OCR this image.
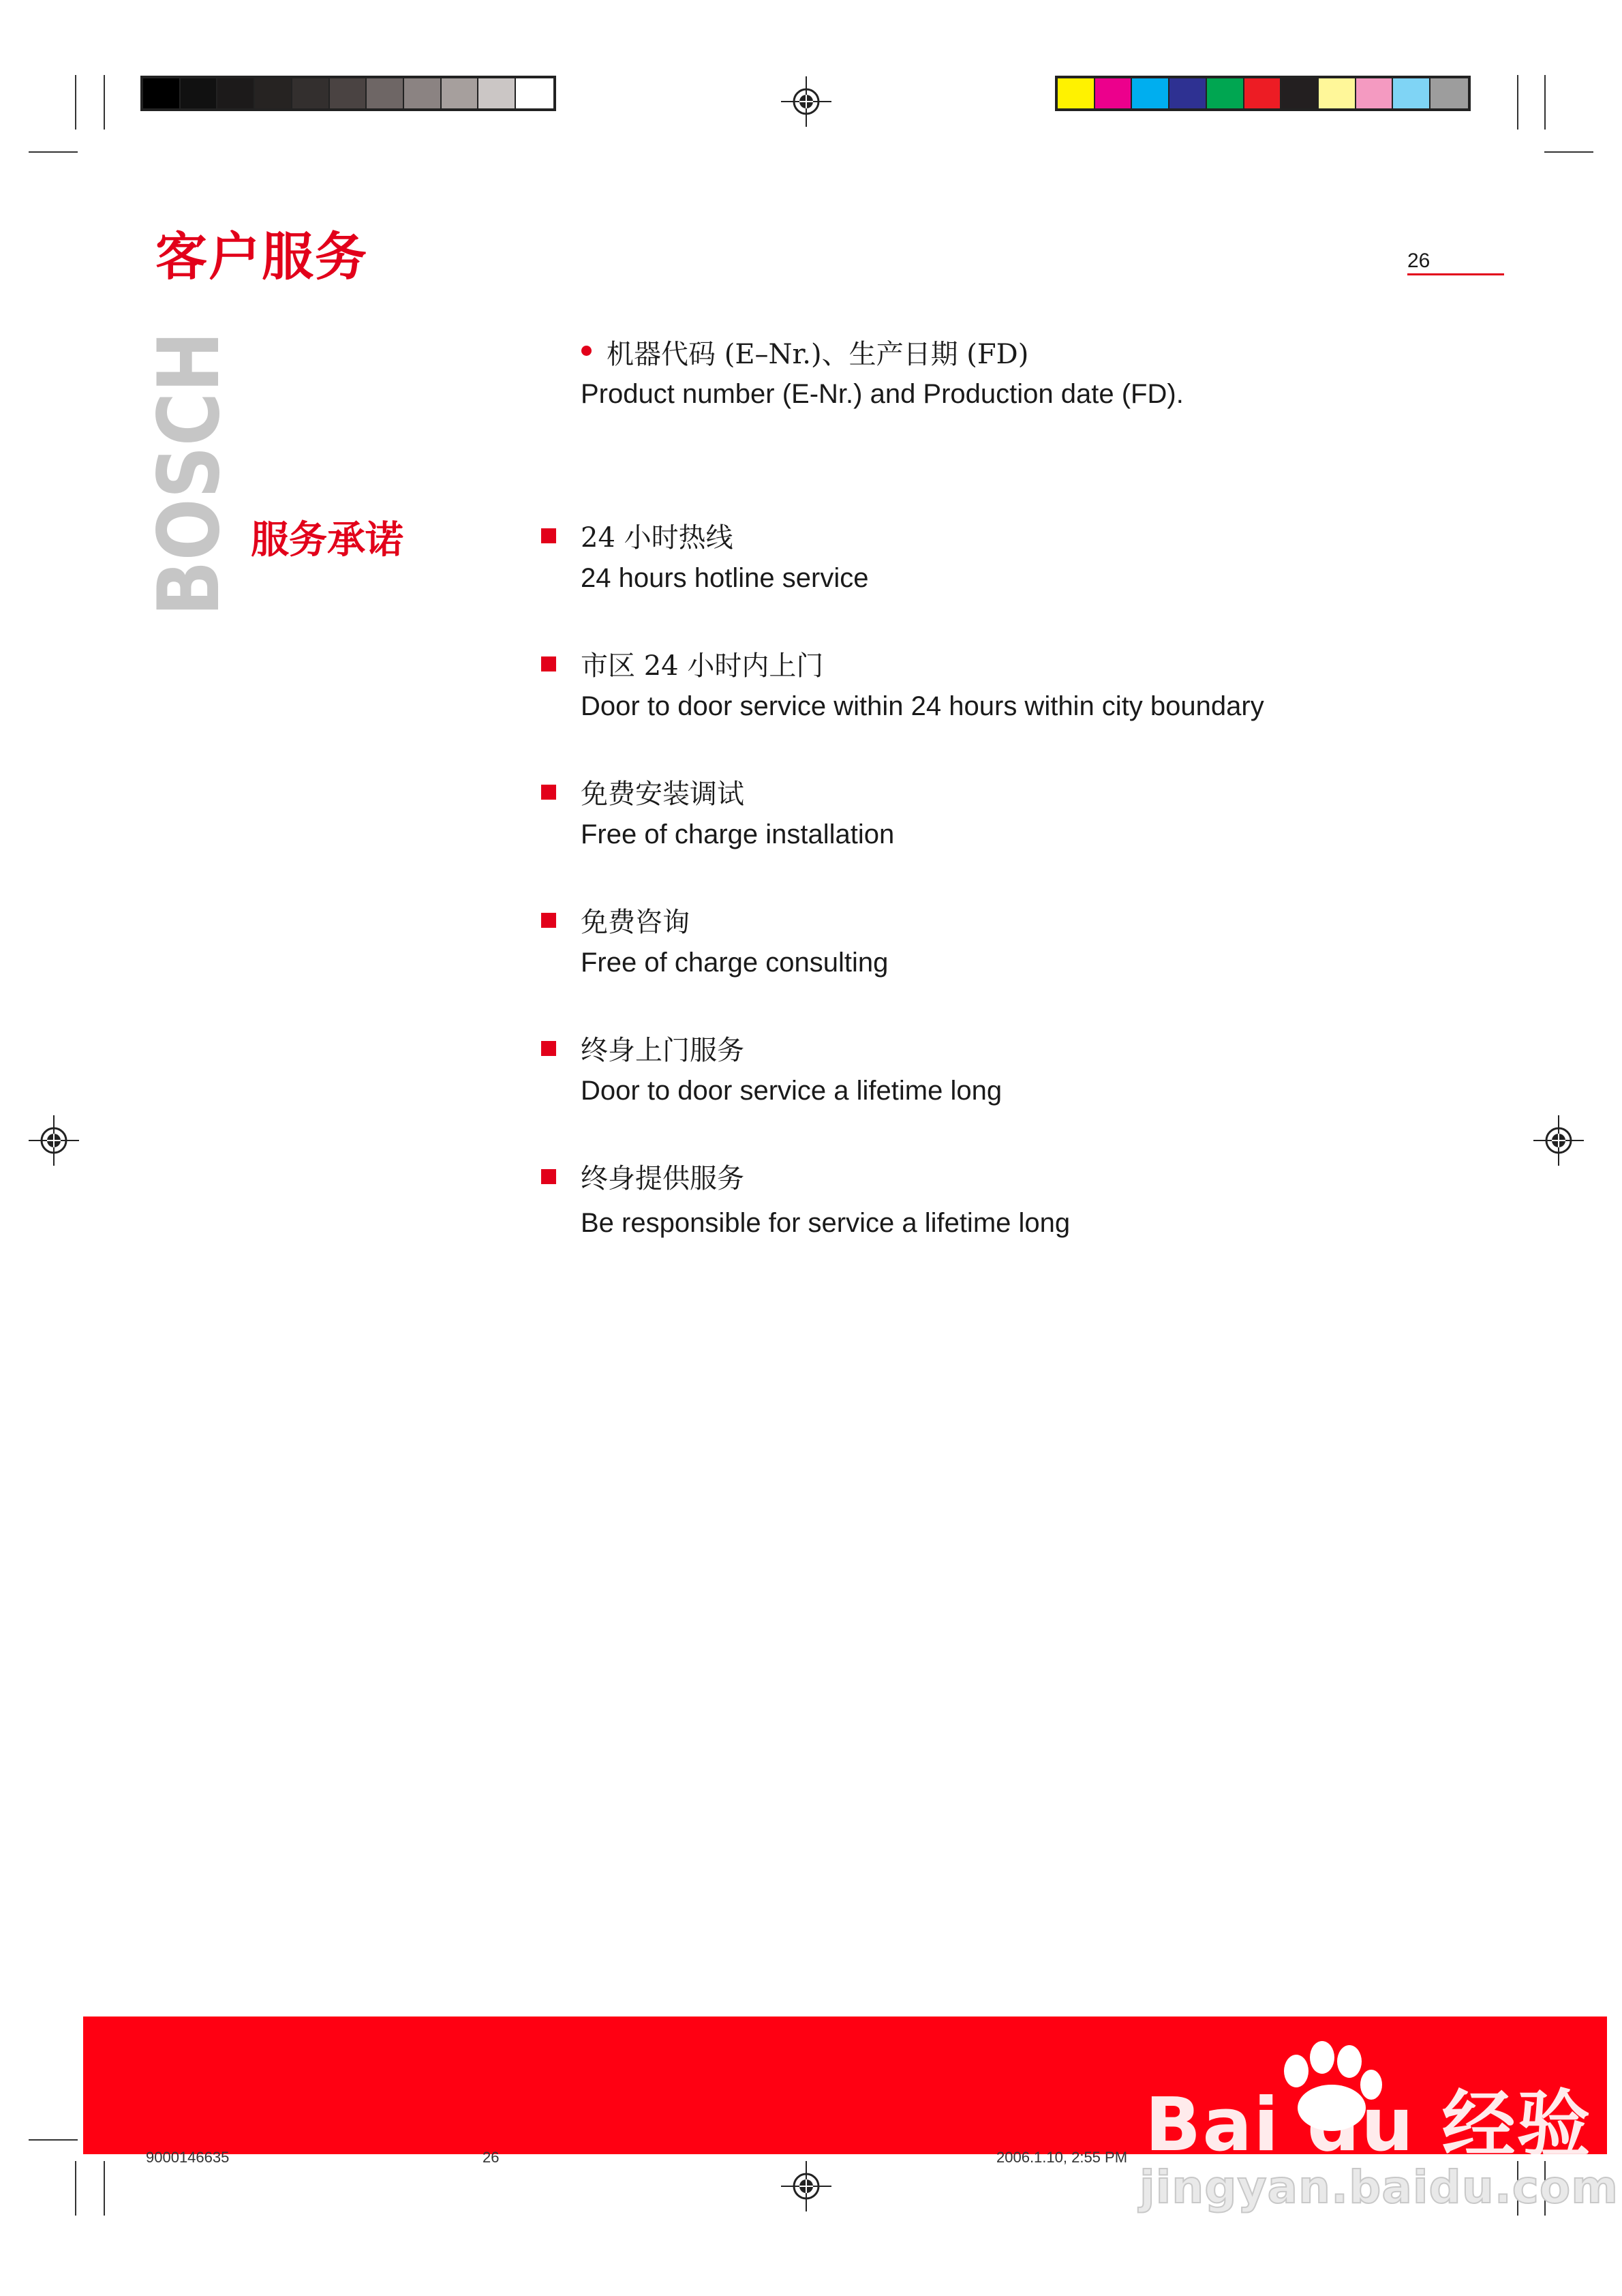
客户服务	26
BOSCH	机器代码 (E–Nr.)、生产日期 (FD)
Product number (E-Nr.) and Production date (FD).
服务承诺	24 小时热线
24 hours hotline service
市区 24 小时内上门
Door to door service within 24 hours within city boundary
免费安装调试
Free of charge installation
免费咨询
Free of charge consulting
终身上门服务
Door to door service a lifetime long
终身提供服务
Be responsible for service a lifetime long
9000146635	26	2006.1.10, 2:55 PM Bai du 经验
jingyan.baidu.com
